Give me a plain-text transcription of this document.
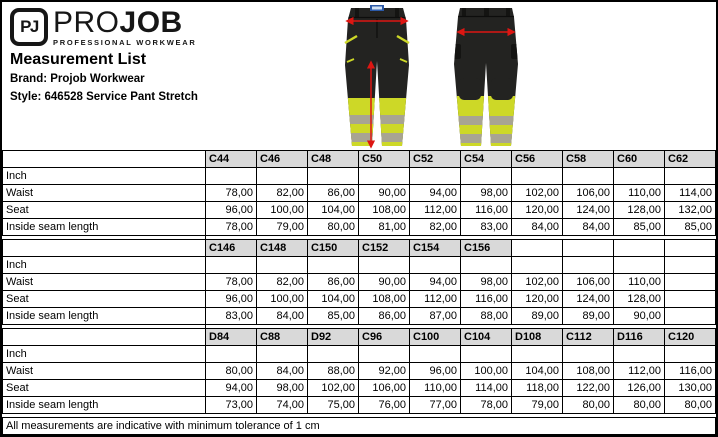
PJ PROJOB
PROFESSIONAL WORKWEAR
Measurement List
Brand: Projob Workwear
Style: 646528 Service Pant Stretch
	C44	C46	C48	C50	C52	C54	C56	C58	C60	C62
Inch										
Waist	78,00	82,00	86,00	90,00	94,00	98,00	102,00	106,00	110,00	114,00
Seat	96,00	100,00	104,00	108,00	112,00	116,00	120,00	124,00	128,00	132,00
Inside seam length	78,00	79,00	80,00	81,00	82,00	83,00	84,00	84,00	85,00	85,00
	C146	C148	C150	C152	C154	C156				
Inch										
Waist	78,00	82,00	86,00	90,00	94,00	98,00	102,00	106,00	110,00	
Seat	96,00	100,00	104,00	108,00	112,00	116,00	120,00	124,00	128,00	
Inside seam length	83,00	84,00	85,00	86,00	87,00	88,00	89,00	89,00	90,00	
	D84	C88	D92	C96	C100	C104	D108	C112	D116	C120
Inch										
Waist	80,00	84,00	88,00	92,00	96,00	100,00	104,00	108,00	112,00	116,00
Seat	94,00	98,00	102,00	106,00	110,00	114,00	118,00	122,00	126,00	130,00
Inside seam length	73,00	74,00	75,00	76,00	77,00	78,00	79,00	80,00	80,00	80,00
All measurements are indicative with minimum tolerance of 1 cm
